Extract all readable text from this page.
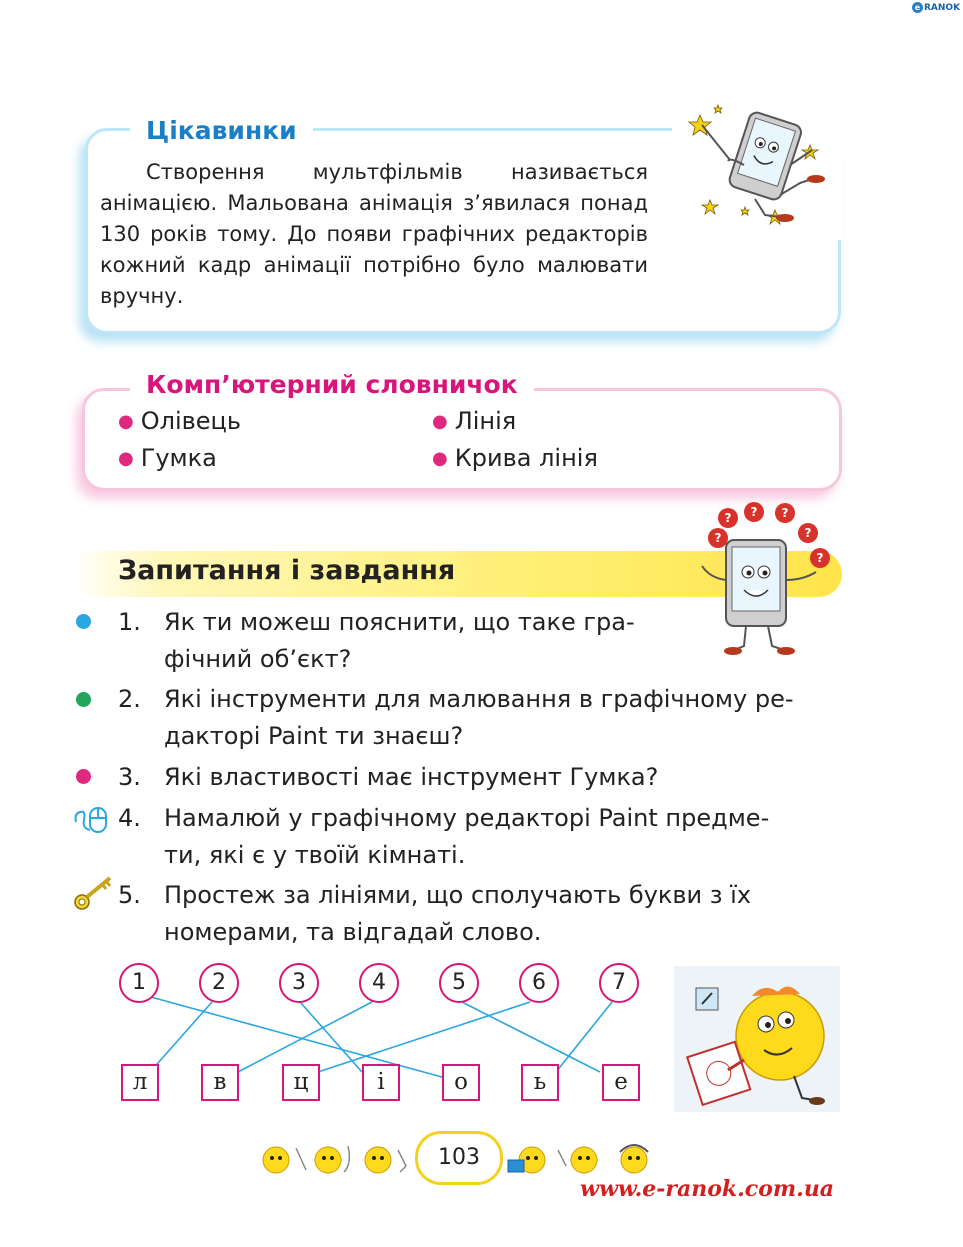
e RANOK
Цікавинки
Створення мультфільмів називається анімацією. Мальована анімація з’явилася понад 130 років тому. До появи графічних редакторів кожний кадр анімації потрібно було малювати вручну.
Комп’ютерний словничок
● Олівець
● Гумка
● Лінія
● Крива лінія
Запитання і завдання
?
? ? ?
?
?
1. Як ти можеш пояснити, що таке гра-
фічний об’єкт?
2. Які інструменти для малювання в графічному ре-
дакторі Paint ти знаєш?
3. Які властивості має інструмент Гумка?
4. Намалюй у графічному редакторі Paint предме-
ти, які є у твоїй кімнаті.
5. Простеж за лініями, що сполучають букви з їх
номерами, та відгадай слово.
1	2	3	4	5	6	7
л	в	ц	і	о	ь	е
103
www.e-ranok.com.ua
